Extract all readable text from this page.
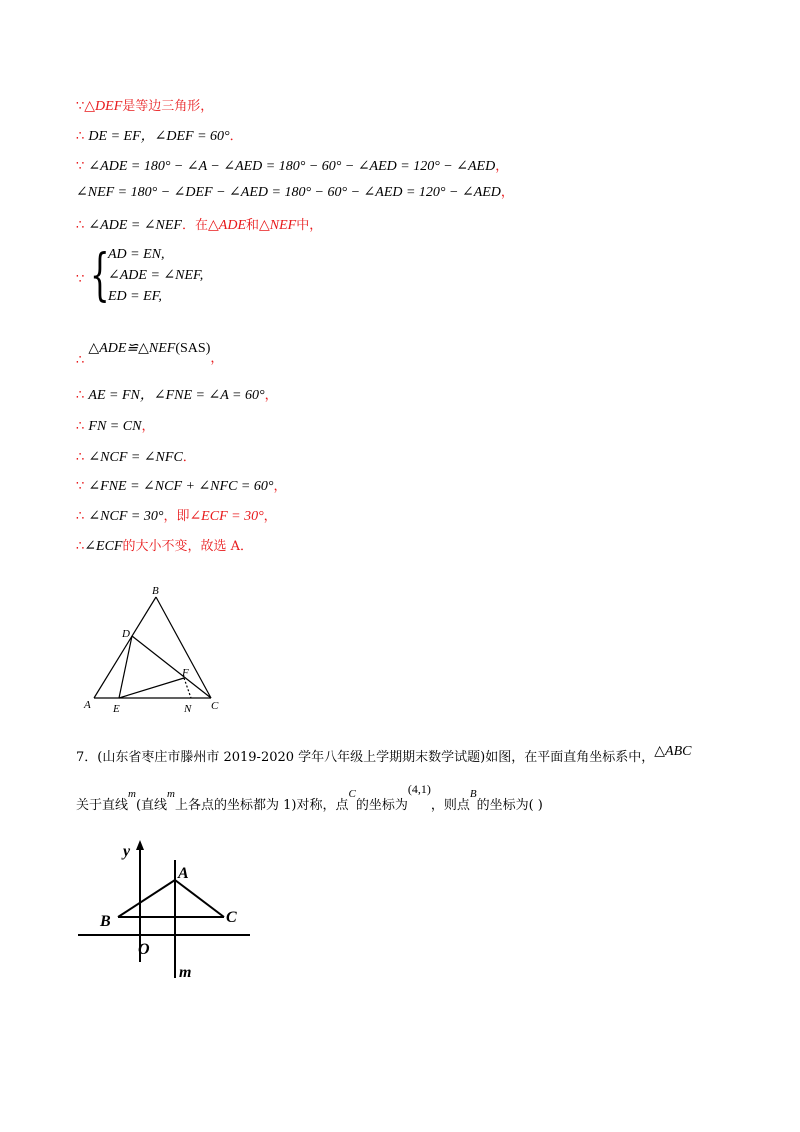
∵△DEF是等边三角形，
∴ DE = EF，∠DEF = 60°．
∵ ∠ADE = 180° − ∠A − ∠AED = 180° − 60° − ∠AED = 120° − ∠AED，
∠NEF = 180° − ∠DEF − ∠AED = 180° − 60° − ∠AED = 120° − ∠AED，
∴ ∠ADE = ∠NEF．在△ADE和△NEF中，
∵ {
AD = EN,
∠ADE = ∠NEF,
ED = EF,
∴ △ADE≌△NEF(SAS)，
∴ AE = FN，∠FNE = ∠A = 60°，
∴ FN = CN，
∴ ∠NCF = ∠NFC．
∵ ∠FNE = ∠NCF + ∠NFC = 60°，
∴ ∠NCF = 30°，即∠ECF = 30°，
∴∠ECF的大小不变，故选 A．
B
D
F
A E	N C
7．(山东省枣庄市滕州市 2019-2020 学年八年级上学期期末数学试题)如图，在平面直角坐标系中，△ABC
关于直线$^m$(直线$^m$上各点的坐标都为 1)对称，点$^C$的坐标为(4,1)，则点$^B$的坐标为( )
y
A
B	C
O
m
